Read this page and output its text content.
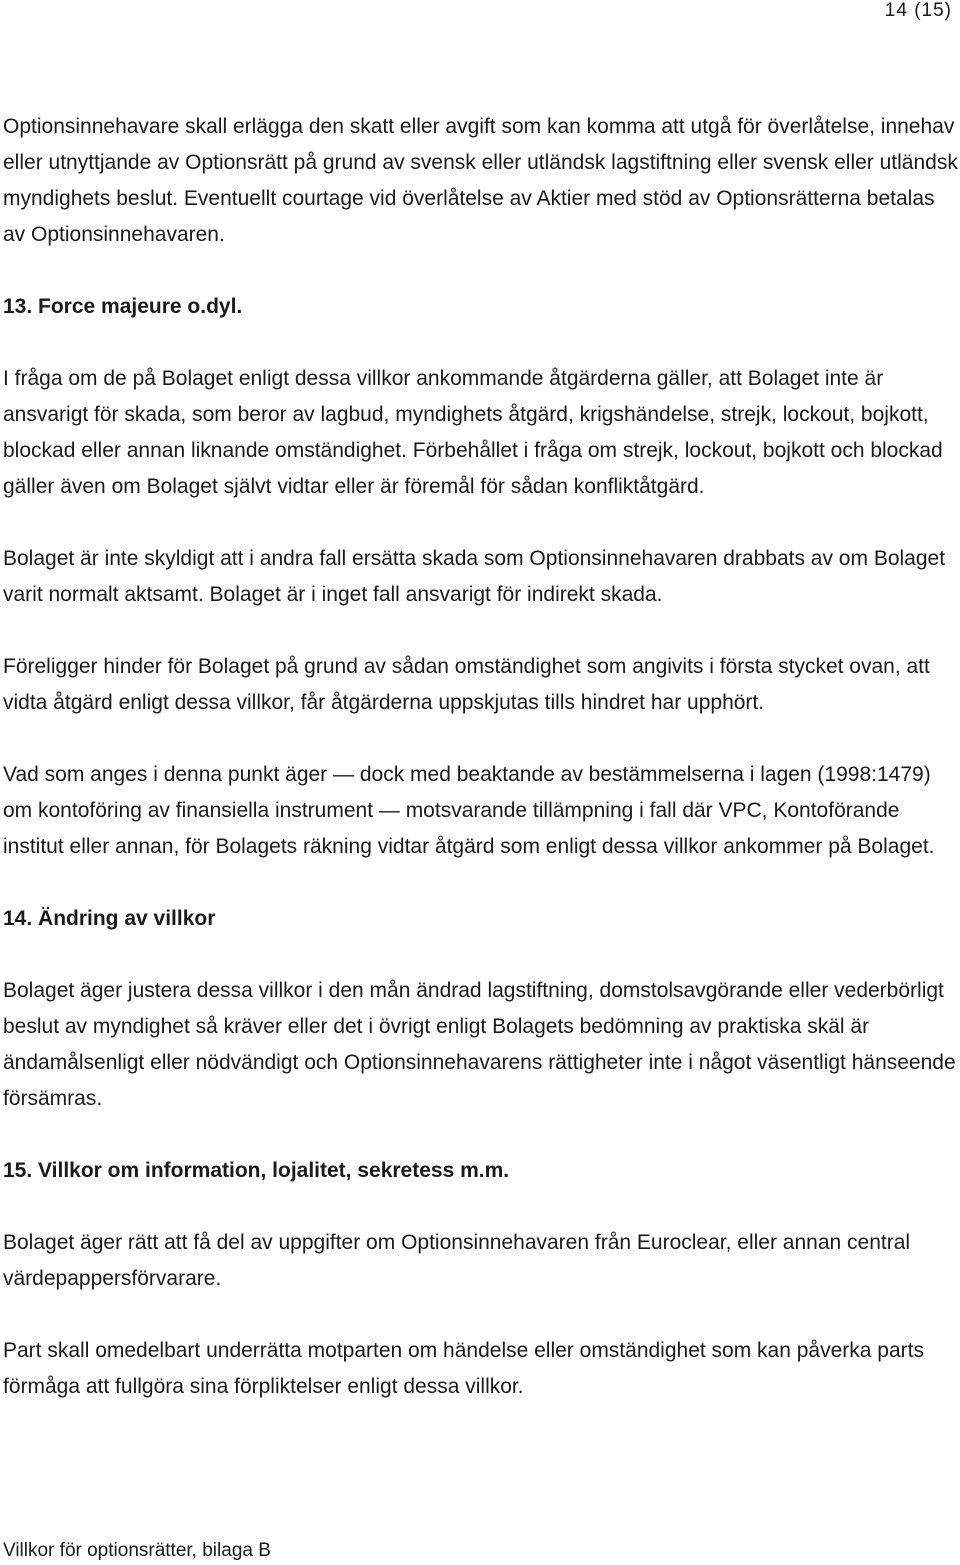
14 (15)

Optionsinnehavare skall erlägga den skatt eller avgift som kan komma att utgå för överlåtelse, innehav eller utnyttjande av Optionsrätt på grund av svensk eller utländsk lagstiftning eller svensk eller utländsk myndighets beslut. Eventuellt courtage vid överlåtelse av Aktier med stöd av Optionsrätterna betalas av Optionsinnehavaren.

13. Force majeure o.dyl.

I fråga om de på Bolaget enligt dessa villkor ankommande åtgärderna gäller, att Bolaget inte är ansvarigt för skada, som beror av lagbud, myndighets åtgärd, krigshändelse, strejk, lockout, bojkott, blockad eller annan liknande omständighet. Förbehållet i fråga om strejk, lockout, bojkott och blockad gäller även om Bolaget självt vidtar eller är föremål för sådan konfliktåtgärd.

Bolaget är inte skyldigt att i andra fall ersätta skada som Optionsinnehavaren drabbats av om Bolaget varit normalt aktsamt. Bolaget är i inget fall ansvarigt för indirekt skada.

Föreligger hinder för Bolaget på grund av sådan omständighet som angivits i första stycket ovan, att vidta åtgärd enligt dessa villkor, får åtgärderna uppskjutas tills hindret har upphört.

Vad som anges i denna punkt äger — dock med beaktande av bestämmelserna i lagen (1998:1479) om kontoföring av finansiella instrument — motsvarande tillämpning i fall där VPC, Kontoförande institut eller annan, för Bolagets räkning vidtar åtgärd som enligt dessa villkor ankommer på Bolaget.

14. Ändring av villkor

Bolaget äger justera dessa villkor i den mån ändrad lagstiftning, domstolsavgörande eller vederbörligt beslut av myndighet så kräver eller det i övrigt enligt Bolagets bedömning av praktiska skäl är ändamålsenligt eller nödvändigt och Optionsinnehavarens rättigheter inte i något väsentligt hänseende försämras.

15. Villkor om information, lojalitet, sekretess m.m.

Bolaget äger rätt att få del av uppgifter om Optionsinnehavaren från Euroclear, eller annan central värdepappersförvarare.

Part skall omedelbart underrätta motparten om händelse eller omständighet som kan påverka parts förmåga att fullgöra sina förpliktelser enligt dessa villkor.

Villkor för optionsrätter, bilaga B
